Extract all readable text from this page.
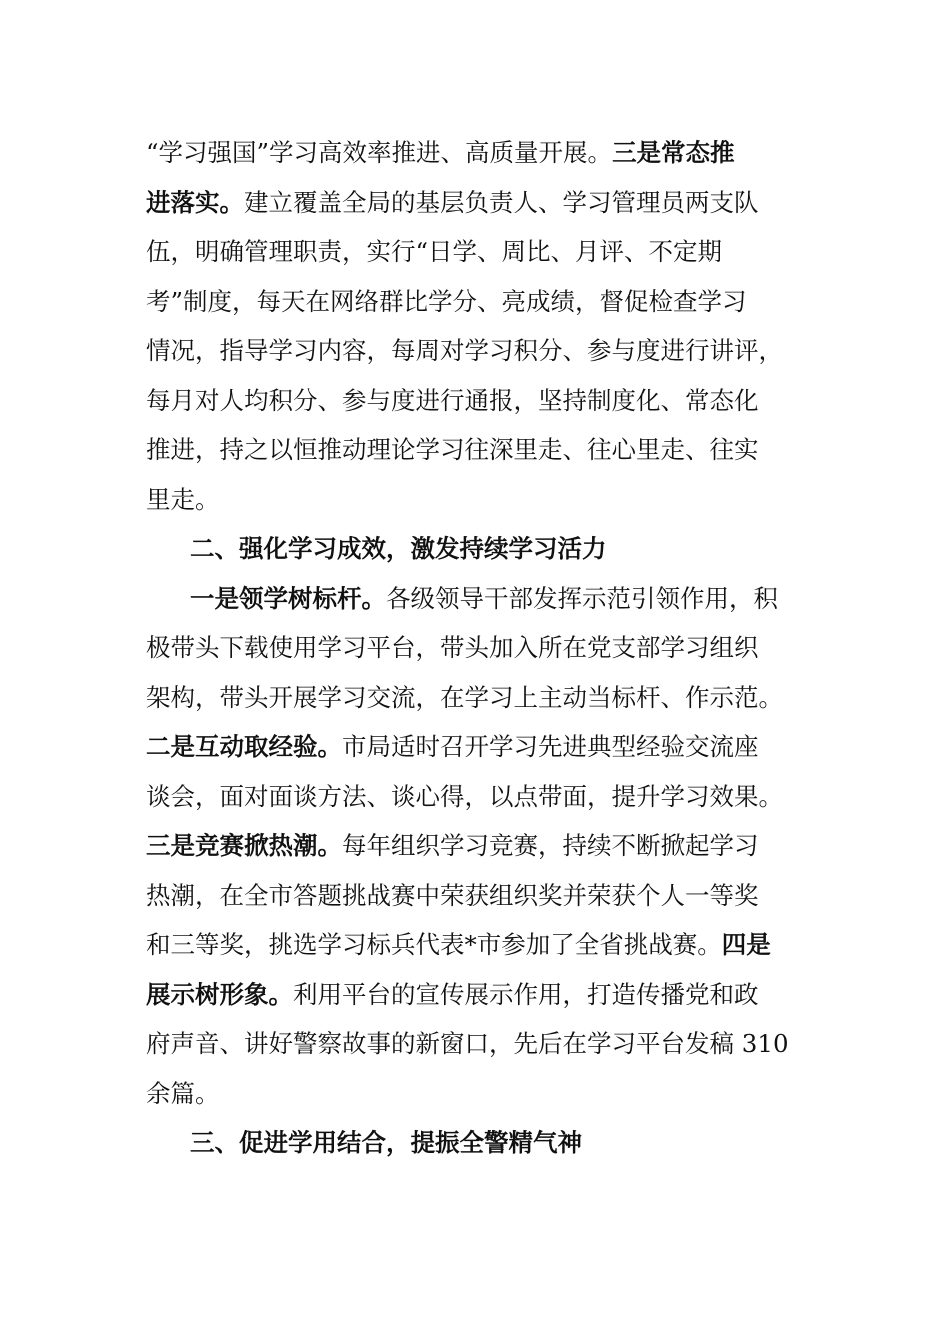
“学习强国”学习高效率推进、高质量开展。三是常态推
进落实。建立覆盖全局的基层负责人、学习管理员两支队
伍，明确管理职责，实行“日学、周比、月评、不定期
考”制度，每天在网络群比学分、亮成绩，督促检查学习
情况，指导学习内容，每周对学习积分、参与度进行讲评，
每月对人均积分、参与度进行通报，坚持制度化、常态化
推进，持之以恒推动理论学习往深里走、往心里走、往实
里走。
二、强化学习成效，激发持续学习活力
一是领学树标杆。各级领导干部发挥示范引领作用，积
极带头下载使用学习平台，带头加入所在党支部学习组织
架构，带头开展学习交流，在学习上主动当标杆、作示范。
二是互动取经验。市局适时召开学习先进典型经验交流座
谈会，面对面谈方法、谈心得，以点带面，提升学习效果。
三是竞赛掀热潮。每年组织学习竞赛，持续不断掀起学习
热潮，在全市答题挑战赛中荣获组织奖并荣获个人一等奖
和三等奖，挑选学习标兵代表*市参加了全省挑战赛。四是
展示树形象。利用平台的宣传展示作用，打造传播党和政
府声音、讲好警察故事的新窗口，先后在学习平台发稿 310
余篇。
三、促进学用结合，提振全警精气神
